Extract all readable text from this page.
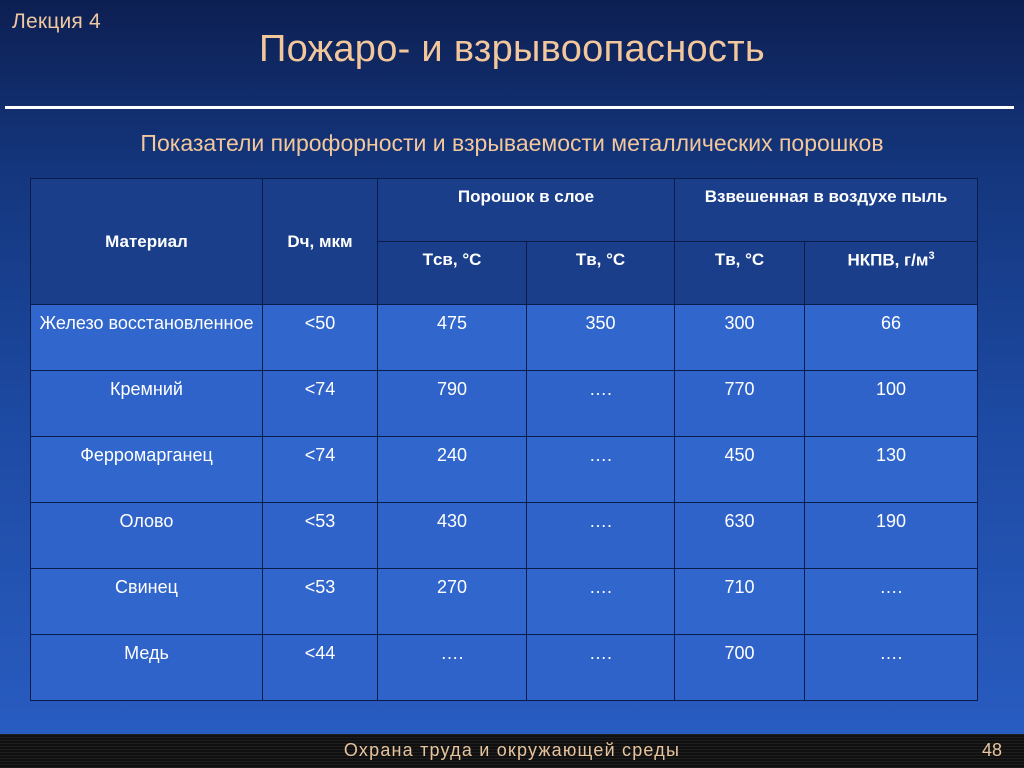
Лекция 4
Пожаро- и взрывоопасность
Показатели пирофорности и взрываемости металлических порошков
Материал	Dч, мкм	Порошок в слое		Взвешенная в воздухе пыль	
		Tсв, °С	Tв, °С	Tв, °С	НКПВ, $г/м^3$
Железо восстановленное	<50	475	350	300	66
Кремний	<74	790	….	770	100
Ферромарганец	<74	240	….	450	130
Олово	<53	430	….	630	190
Свинец	<53	270	….	710	….
Медь	<44	….	….	700	….
Охрана труда и окружающей среды	48
